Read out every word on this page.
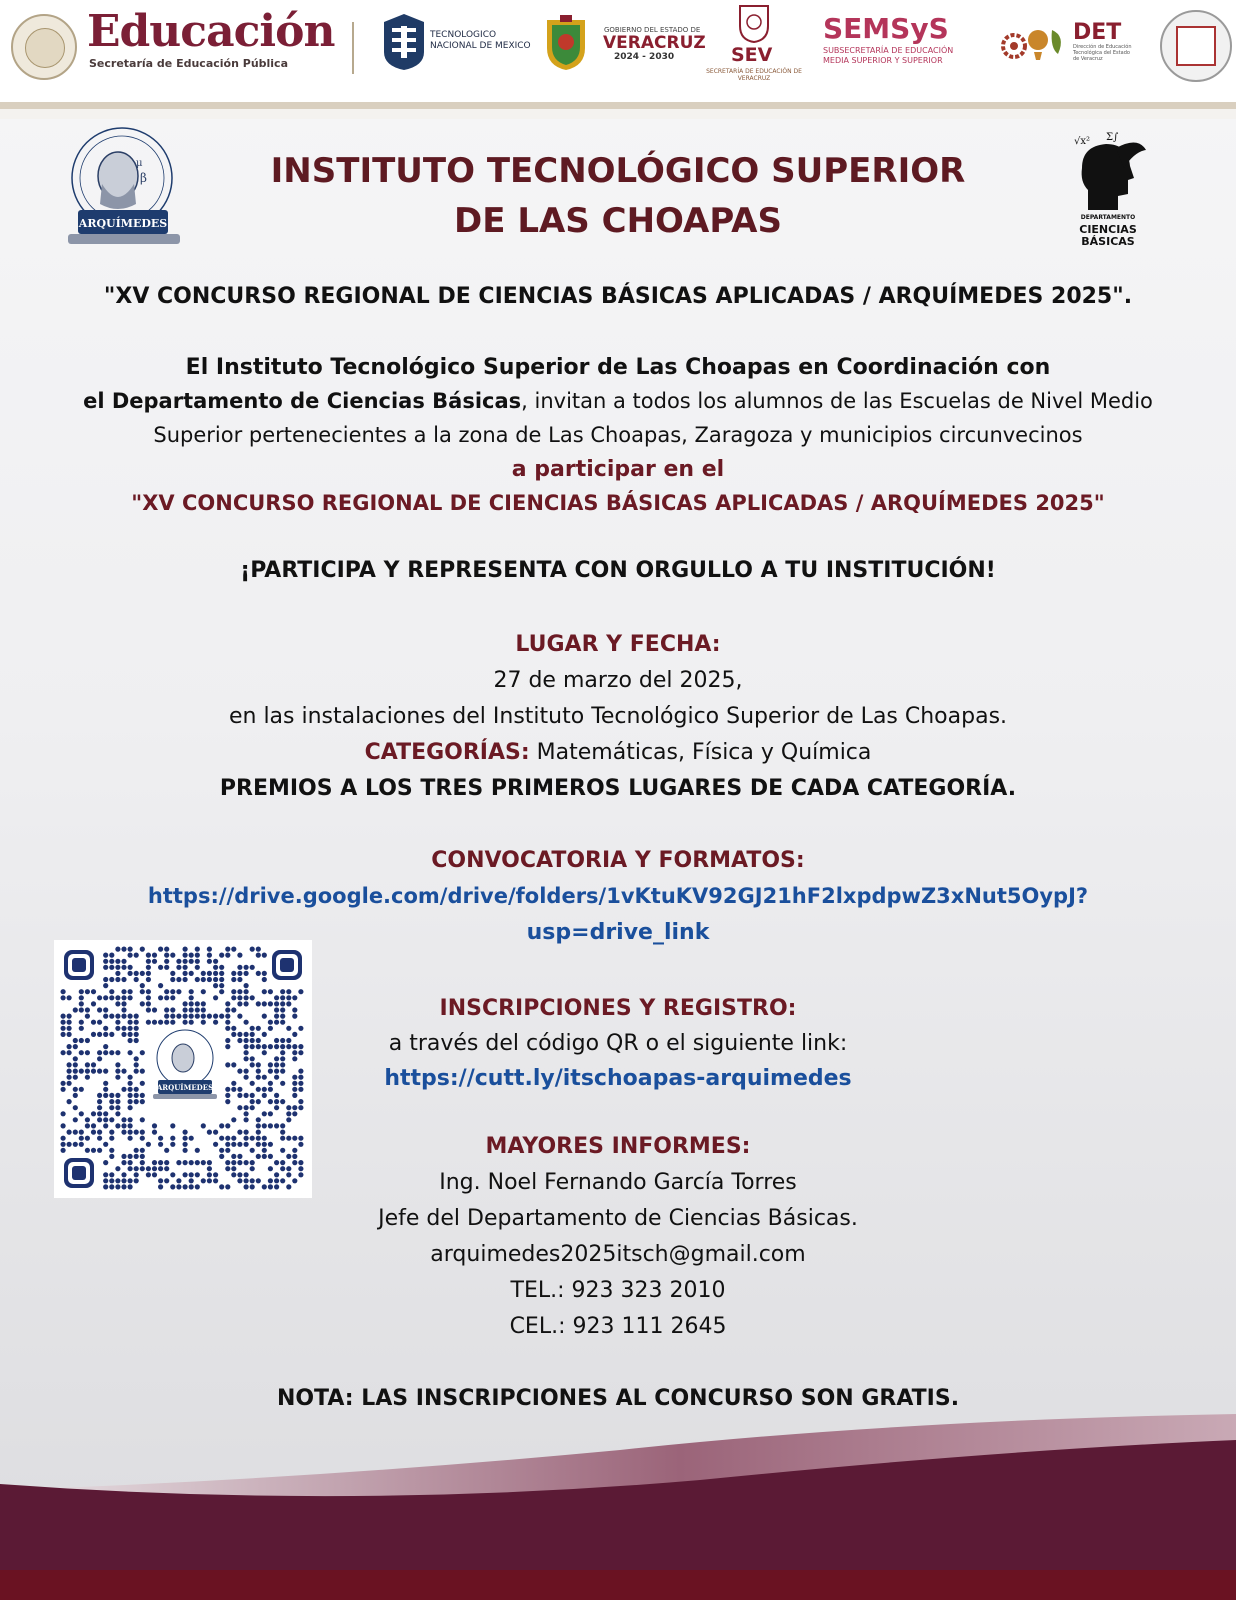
Educación
Secretaría de Educación Pública
TECNOLOGICO
NACIONAL DE MEXICO
GOBIERNO DEL ESTADO DE
VERACRUZ
2024 - 2030	SEV
SECRETARÍA DE EDUCACIÓN DE VERACRUZ
SEMSyS
SUBSECRETARÍA DE EDUCACIÓN
MEDIA SUPERIOR Y SUPERIOR
DET
Dirección de Educación
Tecnológica del Estado
de Veracruz
β
μ
ARQUÍMEDES
INSTITUTO TECNOLÓGICO SUPERIOR
DE LAS CHOAPAS
√x² Σ∫
DEPARTAMENTO
CIENCIAS
BÁSICAS
"XV CONCURSO REGIONAL DE CIENCIAS BÁSICAS APLICADAS / ARQUÍMEDES 2025".
El Instituto Tecnológico Superior de Las Choapas en Coordinación con
el Departamento de Ciencias Básicas, invitan a todos los alumnos de las Escuelas de Nivel Medio
Superior pertenecientes a la zona de Las Choapas, Zaragoza y municipios circunvecinos
a participar en el
"XV CONCURSO REGIONAL DE CIENCIAS BÁSICAS APLICADAS / ARQUÍMEDES 2025"
¡PARTICIPA Y REPRESENTA CON ORGULLO A TU INSTITUCIÓN!
LUGAR Y FECHA:
27 de marzo del 2025,
en las instalaciones del Instituto Tecnológico Superior de Las Choapas.
CATEGORÍAS: Matemáticas, Física y Química
PREMIOS A LOS TRES PRIMEROS LUGARES DE CADA CATEGORÍA.
CONVOCATORIA Y FORMATOS:
https://drive.google.com/drive/folders/1vKtuKV92GJ21hF2lxpdpwZ3xNut5OypJ?
usp=drive_link
ARQUÍMEDES
INSCRIPCIONES Y REGISTRO:
a través del código QR o el siguiente link:
https://cutt.ly/itschoapas-arquimedes
MAYORES INFORMES:
Ing. Noel Fernando García Torres
Jefe del Departamento de Ciencias Básicas.
arquimedes2025itsch@gmail.com
TEL.: 923 323 2010
CEL.: 923 111 2645
NOTA: LAS INSCRIPCIONES AL CONCURSO SON GRATIS.
